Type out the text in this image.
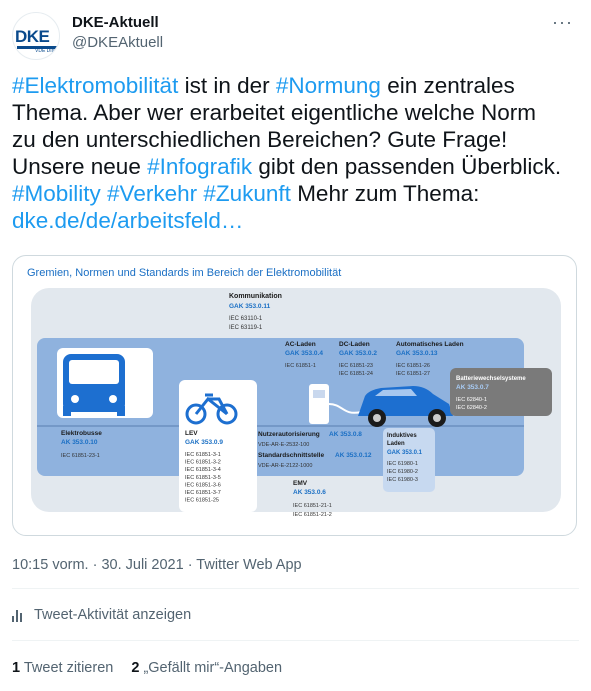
DKE
VDE DIN
DKE-Aktuell
@DKEAktuell
···
#Elektromobilität ist in der #Normung ein zentrales
Thema. Aber wer erarbeitet eigentliche welche Norm
zu den unterschiedlichen Bereichen? Gute Frage!
Unsere neue #Infografik gibt den passenden Überblick.
#Mobility #Verkehr #Zukunft Mehr zum Thema:
dke.de/de/arbeitsfeld…
Gremien, Normen und Standards im Bereich der Elektromobilität
Kommunikation
GAK 353.0.11
IEC 63110-1
IEC 63119-1
Elektrobusse
AK 353.0.10
IEC 61851-23-1
LEV
GAK 353.0.9
IEC 61851-3-1
IEC 61851-3-2
IEC 61851-3-4
IEC 61851-3-5
IEC 61851-3-6
IEC 61851-3-7
IEC 61851-25
AC-Laden
GAK 353.0.4
IEC 61851-1
DC-Laden
GAK 353.0.2
IEC 61851-23
IEC 61851-24
Automatisches Laden
GAK 353.0.13
IEC 61851-26
IEC 61851-27
Batteriewechselsysteme
AK 353.0.7
IEC 62840-1
IEC 62840-2
Nutzerautorisierung AK 353.0.8
VDE-AR-E-2532-100
Standardschnittstelle AK 353.0.12
VDE-AR-E-2122-1000
Induktives
Laden
GAK 353.0.1
IEC 61980-1
IEC 61980-2
IEC 61980-3
EMV
AK 353.0.6
IEC 61851-21-1
IEC 61851-21-2
10:15 vorm. · 30. Juli 2021 · Twitter Web App
Tweet-Aktivität anzeigen
1 Tweet zitieren 2 „Gefällt mir“-Angaben
